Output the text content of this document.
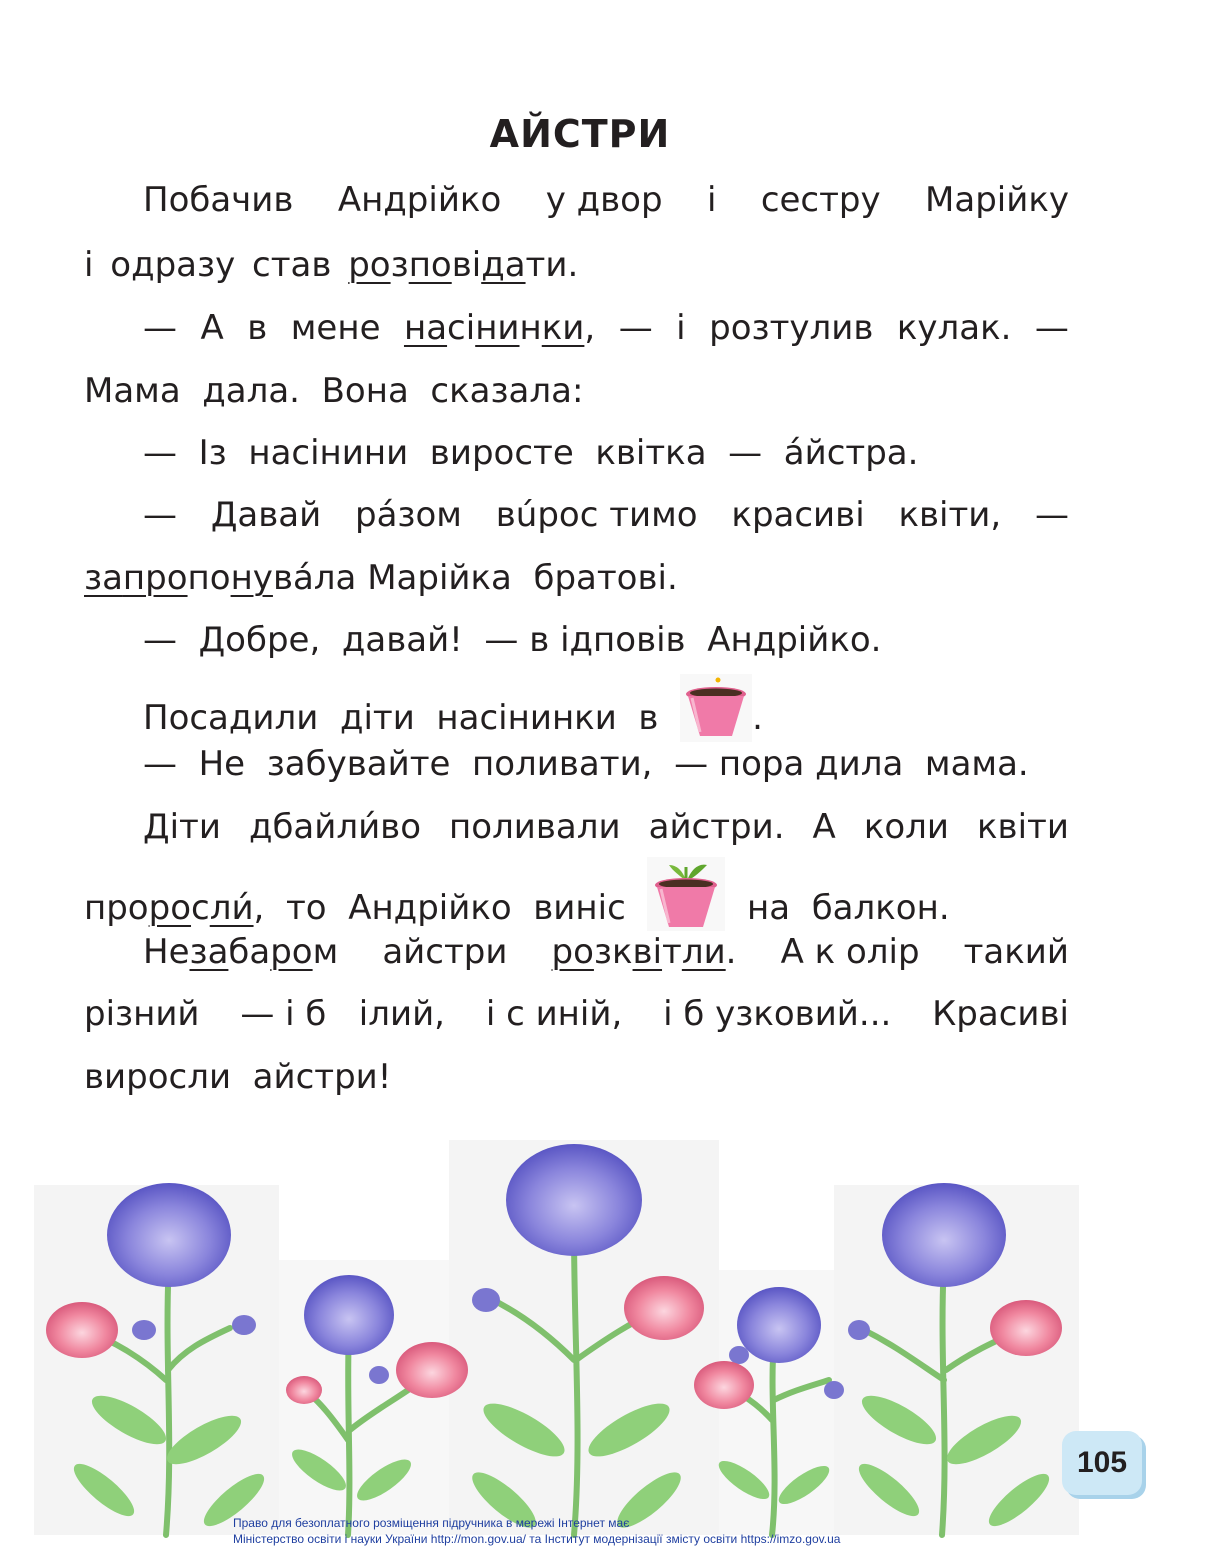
АЙСТРИ
Побачив Андрійко у двор і сестру Марійку
і одразу став розповідати.
— А в мене насінинки, — і розтулив кулак. —
Мама  дала.  Вона  сказала:
—  Із  насінини  виросте  квітка  —  а́йстра.
— Давай ра́зом вúрос тимо красиві квіти, —
запропонува́ла Марійка  братові.
—  Добре,  давай!  — в ідповів  Андрійко.
Посадили  діти  насінинки  в	.
—  Не  забувайте  поливати,  — пора дила  мама.
Діти дбайли́во поливали айстри. А коли квіти
проросли́,  то  Андрійко  виніс	на  балкон.
Незабаром айстри розквітли. А к олір такий
різний — і б   ілий, і с иній, і б узковий... Красиві
виросли  айстри!
105
Право для безоплатного розміщення підручника в мережі Інтернет має
Міністерство освіти і науки України http://mon.gov.ua/ та Інститут модернізації змісту освіти https://imzo.gov.ua
